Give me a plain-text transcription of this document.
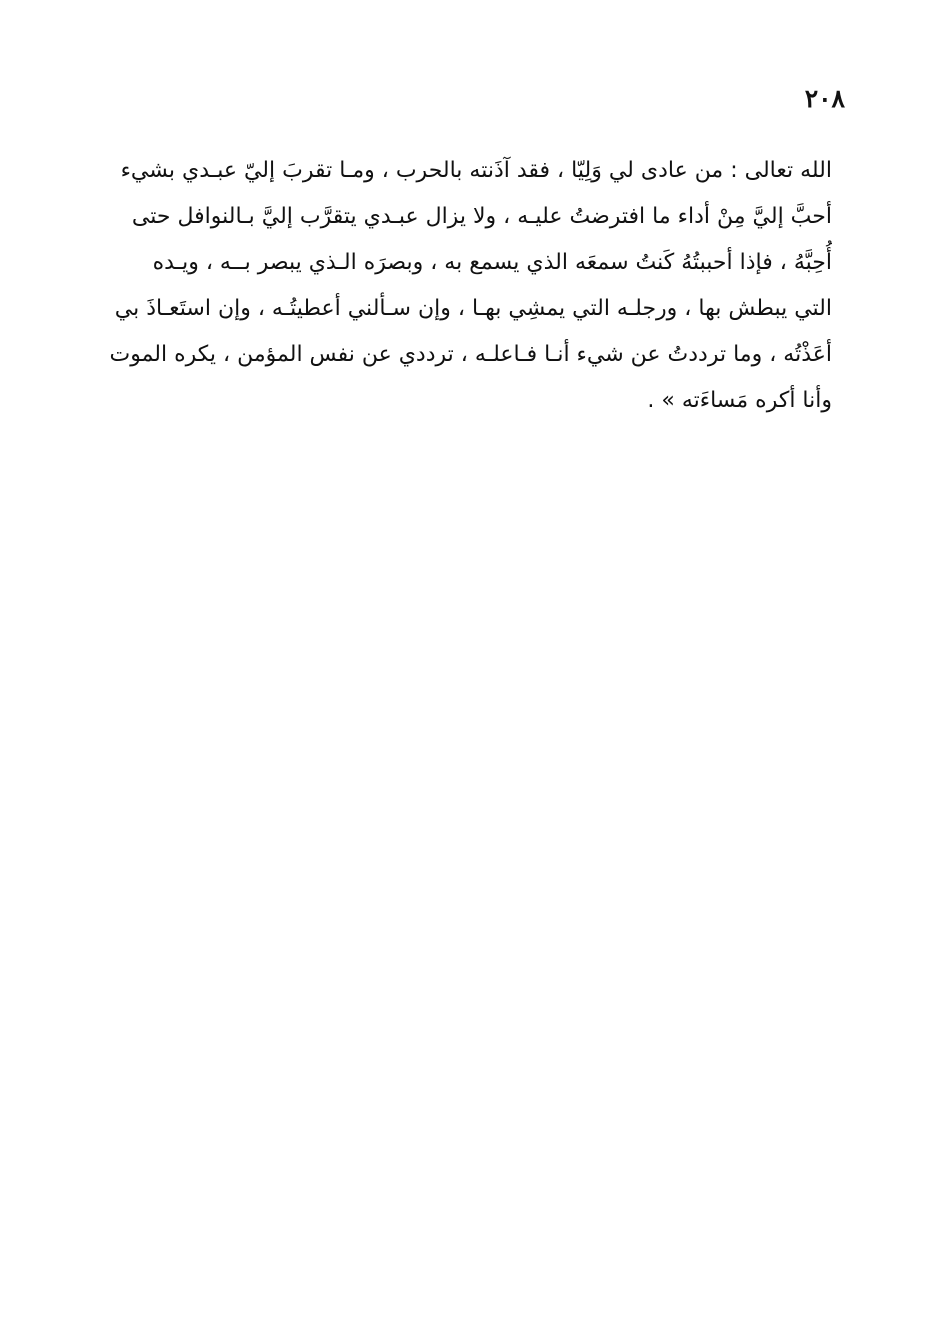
٢٠٨
الله تعالى : من عادى لي وَلِيّا ، فقد آذَنته بالحرب ، ومـا تقربَ إليّ عبـدي بشيء
أحبَّ إليَّ مِنْ أداء ما افترضتُ عليـه ، ولا يزال عبـدي يتقرَّب إليَّ بـالنوافل حتى
أُحِبَّهُ ، فإذا أحببتُهُ كَنتُ سمعَه الذي يسمع به ، وبصرَه الـذي يبصر بــه ، ويـده
التي يبطش بها ، ورجلـه التي يمشِي بهـا ، وإن سـألني أعطيتُـه ، وإن استَعـاذَ بي
أعَذْتُه ، وما ترددتُ عن شيء أنـا فـاعلـه ، ترددي عن نفس المؤمن ، يكره الموت
وأنا أكره مَساءَته » .
